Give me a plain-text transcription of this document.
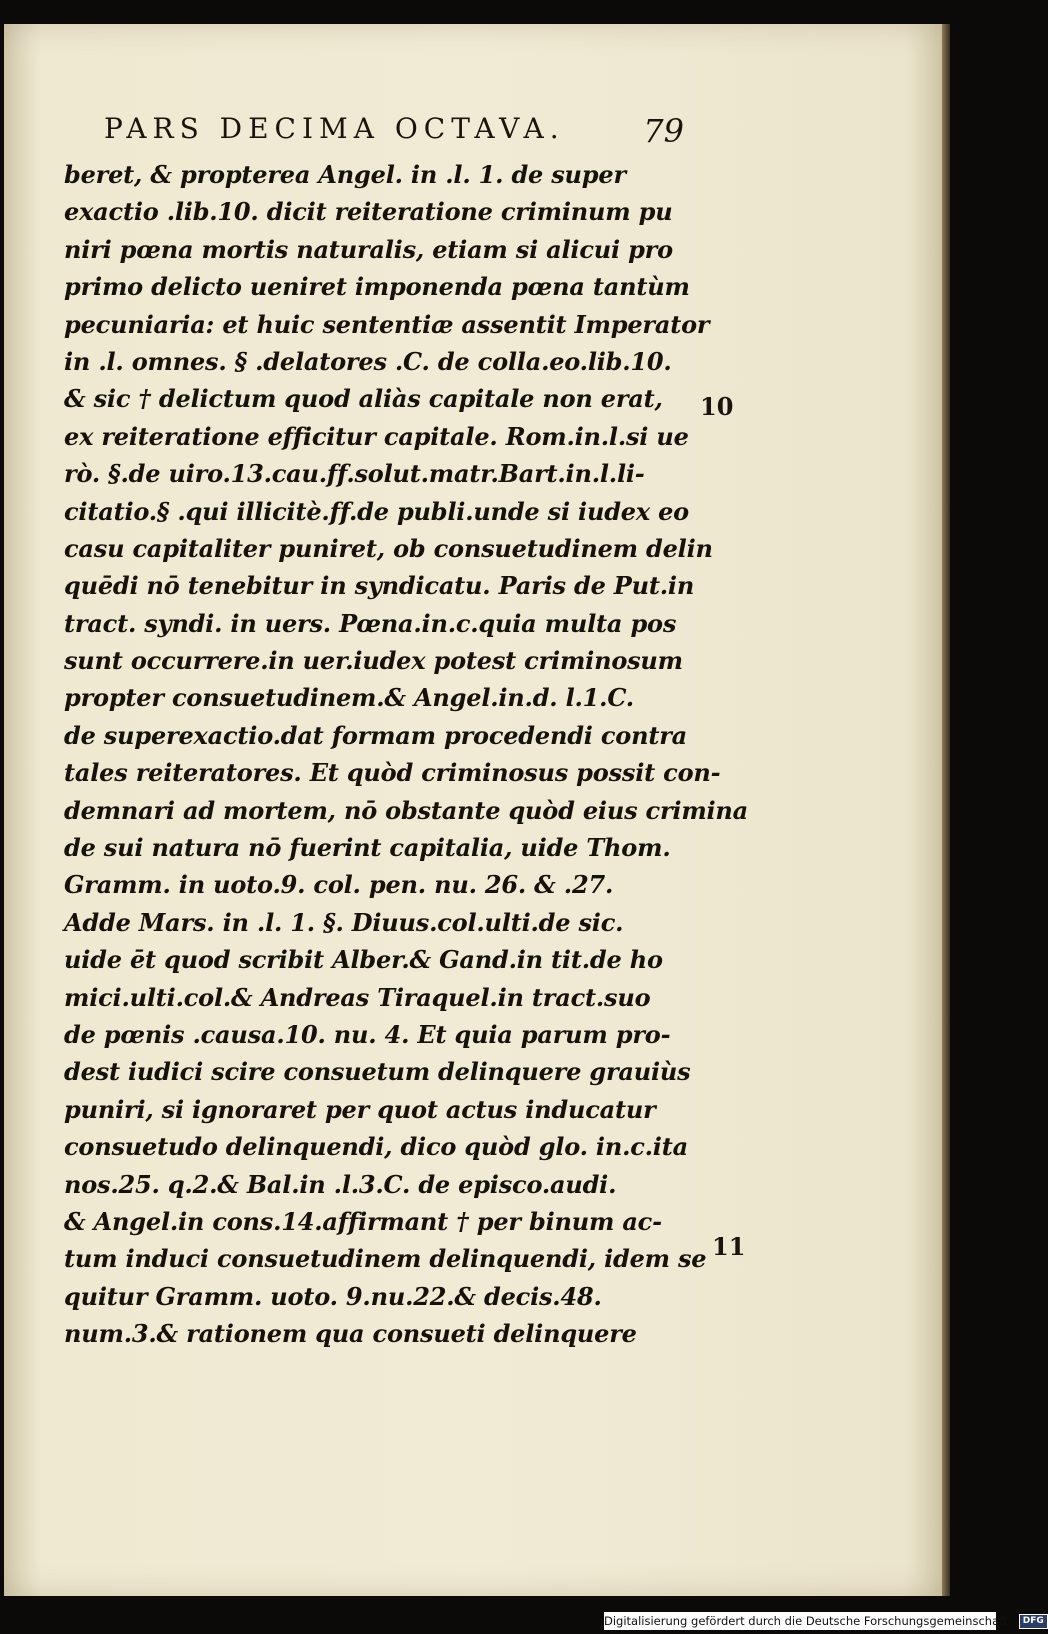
PARS DECIMA OCTAVA. 79
beret, & propterea Angel. in .l. 1. de super
exactio .lib.10. dicit reiteratione criminum pu
niri pœna mortis naturalis, etiam si alicui pro
primo delicto ueniret imponenda pœna tantùm
pecuniaria: et huic sententiæ assentit Imperator
in .l. omnes. § .delatores .C. de colla.eo.lib.10.
& sic † delictum quod aliàs capitale non erat,
ex reiteratione efficitur capitale. Rom.in.l.si ue
rò. §.de uiro.13.cau.ff.solut.matr.Bart.in.l.li-
citatio.§ .qui illicitè.ff.de publi.unde si iudex eo
casu capitaliter puniret, ob consuetudinem delin
quēdi nō tenebitur in syndicatu. Paris de Put.in
tract. syndi. in uers. Pœna.in.c.quia multa pos
sunt occurrere.in uer.iudex potest criminosum
propter consuetudinem.& Angel.in.d. l.1.C.
de superexactio.dat formam procedendi contra
tales reiteratores. Et quòd criminosus possit con-
demnari ad mortem, nō obstante quòd eius crimina
de sui natura nō fuerint capitalia, uide Thom.
Gramm. in uoto.9. col. pen. nu. 26. & .27.
Adde Mars. in .l. 1. §. Diuus.col.ulti.de sic.
uide ēt quod scribit Alber.& Gand.in tit.de ho
mici.ulti.col.& Andreas Tiraquel.in tract.suo
de pœnis .causa.10. nu. 4. Et quia parum pro-
dest iudici scire consuetum delinquere grauiùs
puniri, si ignoraret per quot actus inducatur
consuetudo delinquendi, dico quòd glo. in.c.ita
nos.25. q.2.& Bal.in .l.3.C. de episco.audi.
& Angel.in cons.14.affirmant † per binum ac-
tum induci consuetudinem delinquendi, idem se
quitur Gramm. uoto. 9.nu.22.& decis.48.
num.3.& rationem qua consueti delinquere
10
11
Digitalisierung gefördert durch die Deutsche Forschungsgemeinschaft · DFG
